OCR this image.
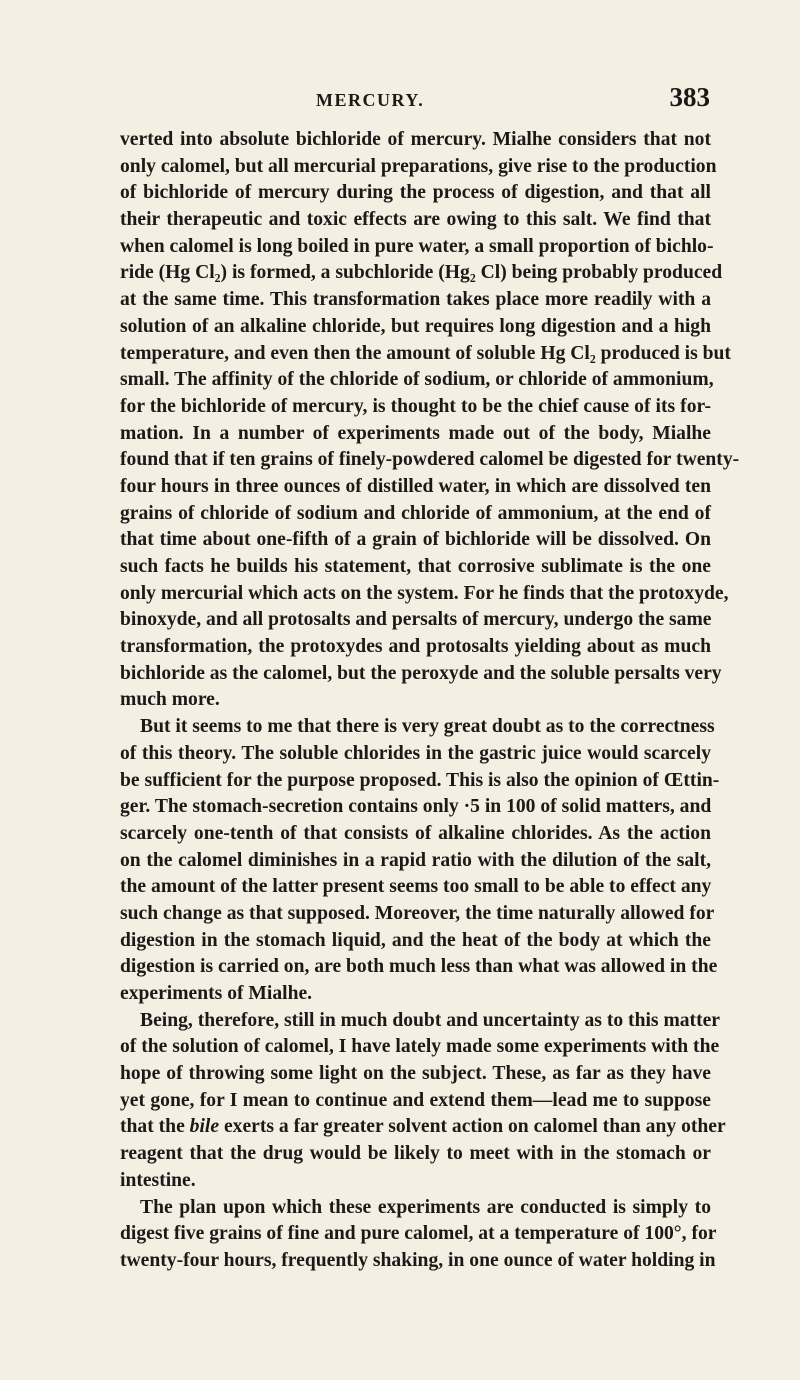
MERCURY.	383
verted into absolute bichloride of mercury. Mialhe considers that not
only calomel, but all mercurial preparations, give rise to the production
of bichloride of mercury during the process of digestion, and that all
their therapeutic and toxic effects are owing to this salt. We find that
when calomel is long boiled in pure water, a small proportion of bichlo-
ride (Hg Cl₂) is formed, a subchloride (Hg₂ Cl) being probably produced
at the same time. This transformation takes place more readily with a
solution of an alkaline chloride, but requires long digestion and a high
temperature, and even then the amount of soluble Hg Cl₂ produced is but
small. The affinity of the chloride of sodium, or chloride of ammonium,
for the bichloride of mercury, is thought to be the chief cause of its for-
mation. In a number of experiments made out of the body, Mialhe
found that if ten grains of finely-powdered calomel be digested for twenty-
four hours in three ounces of distilled water, in which are dissolved ten
grains of chloride of sodium and chloride of ammonium, at the end of
that time about one-fifth of a grain of bichloride will be dissolved. On
such facts he builds his statement, that corrosive sublimate is the one
only mercurial which acts on the system. For he finds that the protoxyde,
binoxyde, and all protosalts and persalts of mercury, undergo the same
transformation, the protoxydes and protosalts yielding about as much
bichloride as the calomel, but the peroxyde and the soluble persalts very
much more.
But it seems to me that there is very great doubt as to the correctness
of this theory. The soluble chlorides in the gastric juice would scarcely
be sufficient for the purpose proposed. This is also the opinion of Œttin-
ger. The stomach-secretion contains only ·5 in 100 of solid matters, and
scarcely one-tenth of that consists of alkaline chlorides. As the action
on the calomel diminishes in a rapid ratio with the dilution of the salt,
the amount of the latter present seems too small to be able to effect any
such change as that supposed. Moreover, the time naturally allowed for
digestion in the stomach liquid, and the heat of the body at which the
digestion is carried on, are both much less than what was allowed in the
experiments of Mialhe.
Being, therefore, still in much doubt and uncertainty as to this matter
of the solution of calomel, I have lately made some experiments with the
hope of throwing some light on the subject. These, as far as they have
yet gone, for I mean to continue and extend them—lead me to suppose
that the bile exerts a far greater solvent action on calomel than any other
reagent that the drug would be likely to meet with in the stomach or
intestine.
The plan upon which these experiments are conducted is simply to
digest five grains of fine and pure calomel, at a temperature of 100°, for
twenty-four hours, frequently shaking, in one ounce of water holding in
